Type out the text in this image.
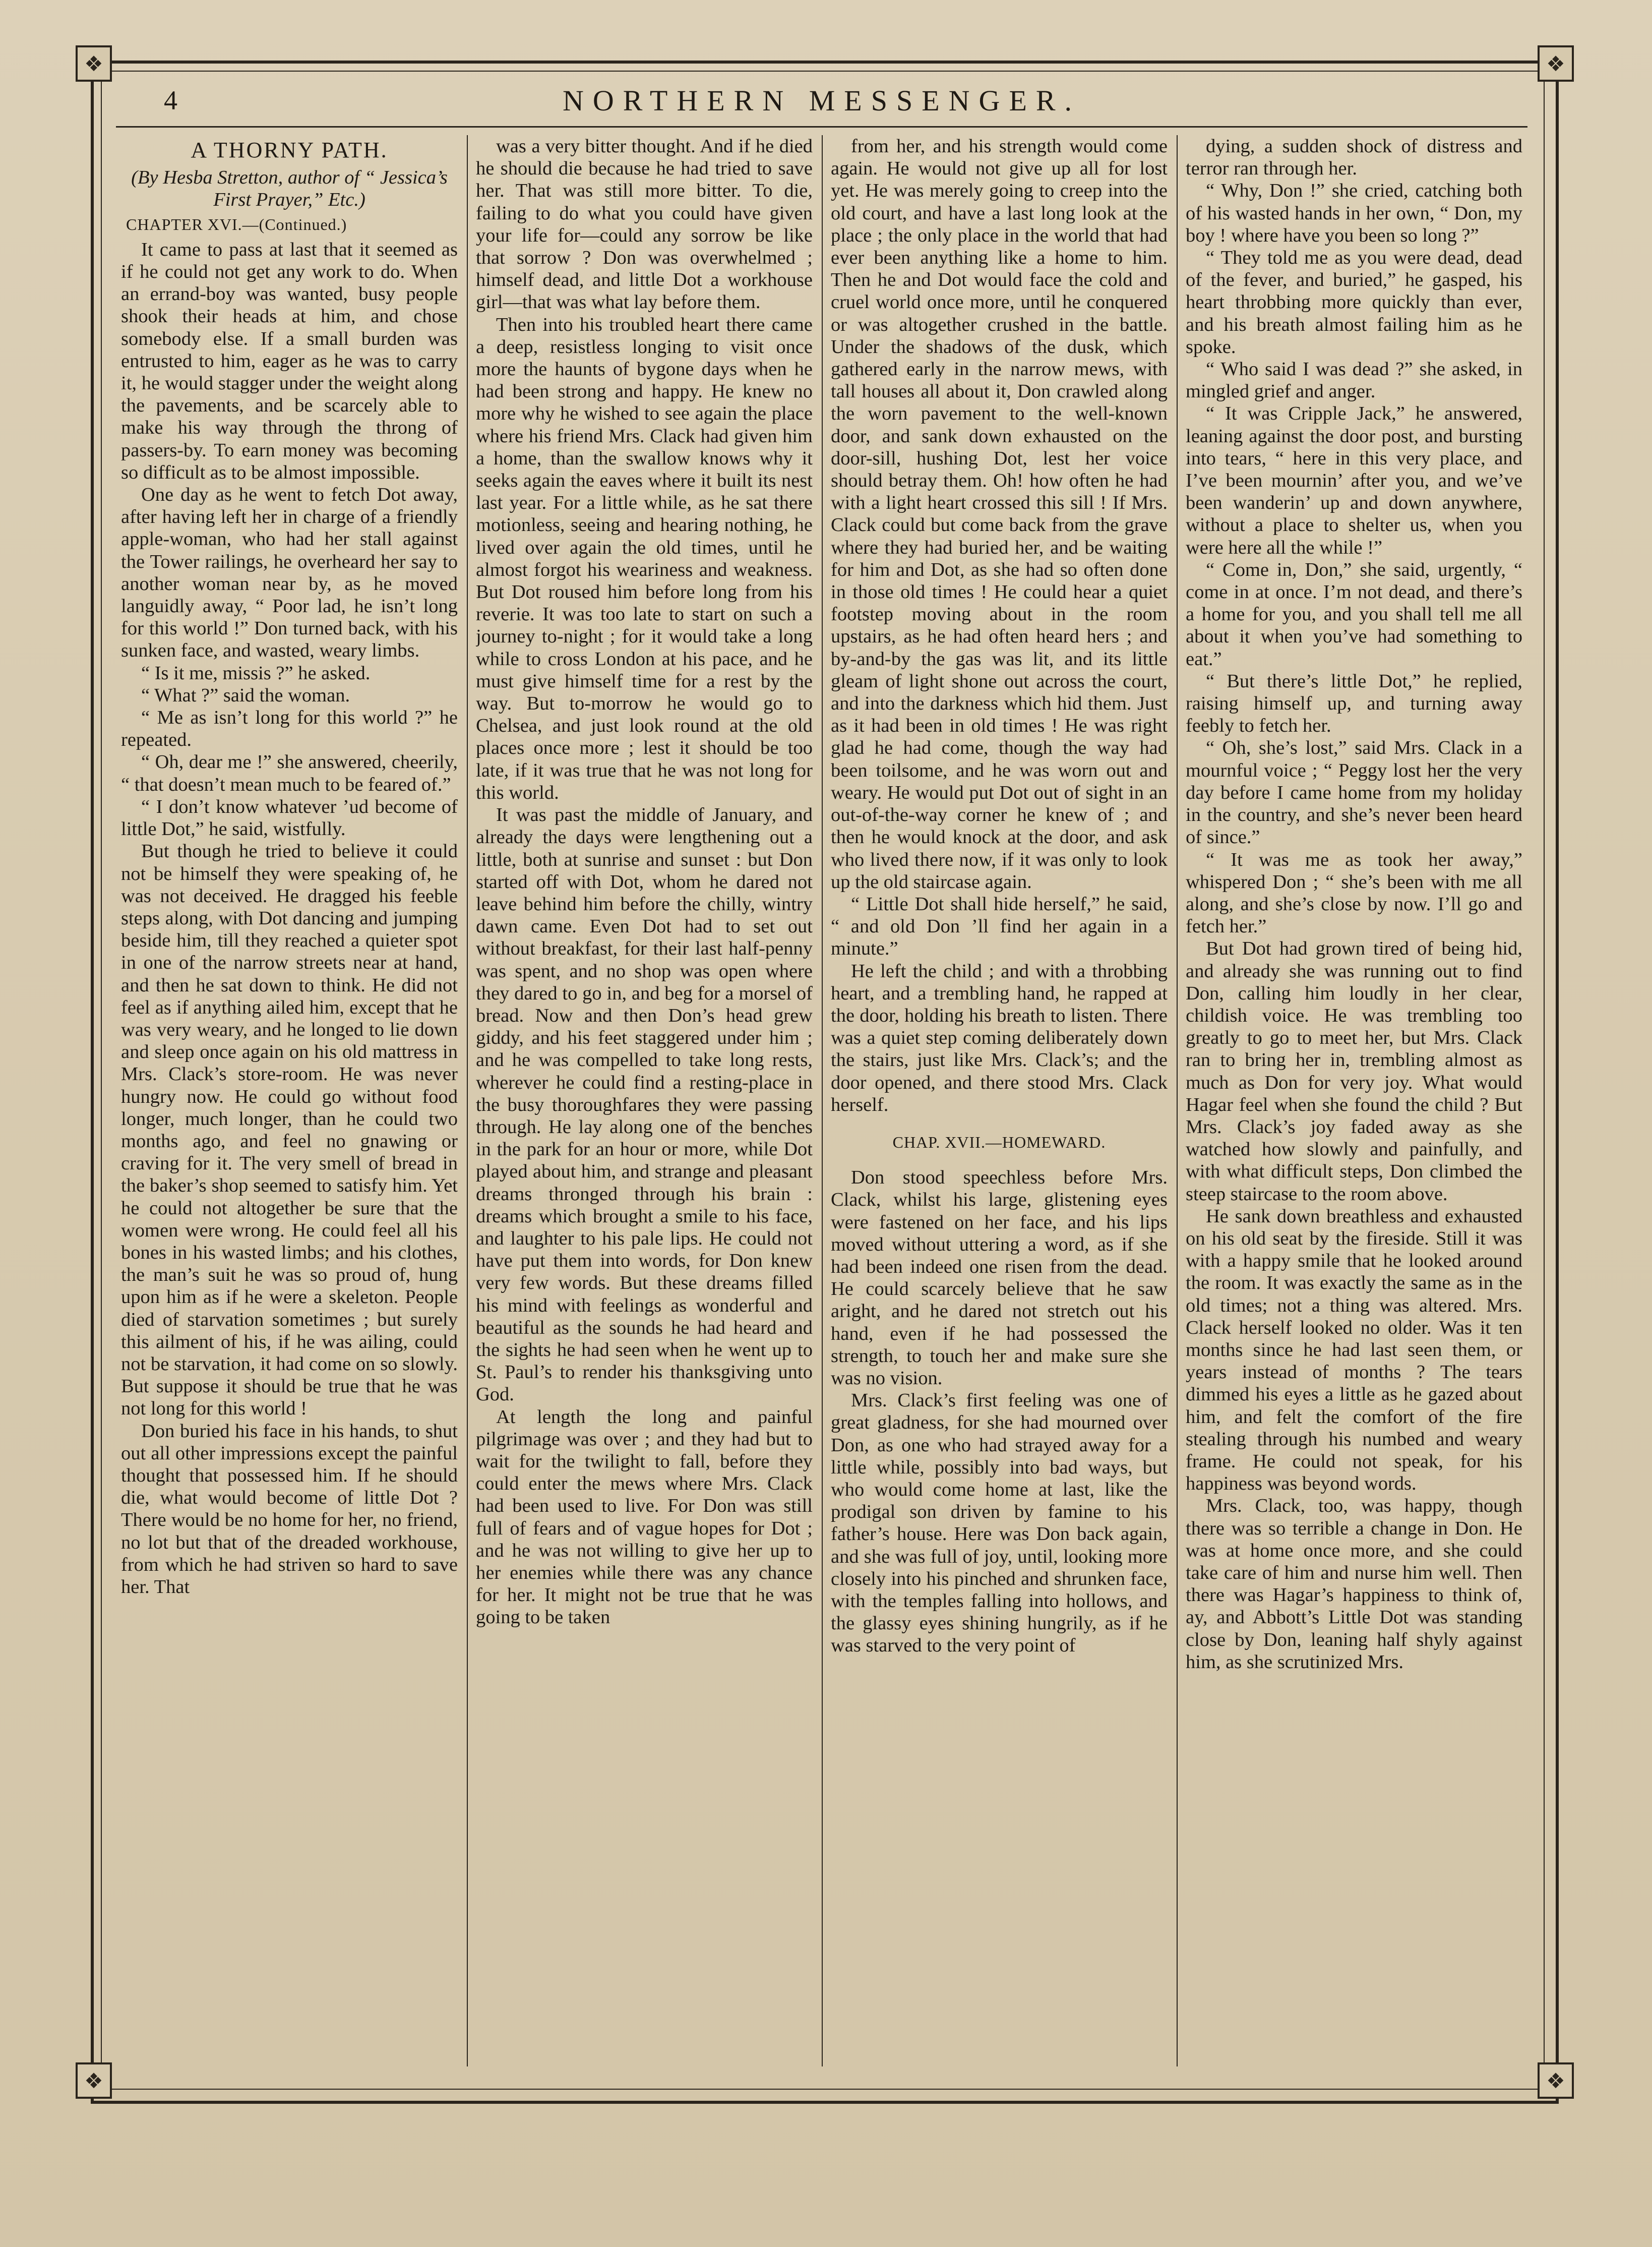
❖	❖
❖	❖
4	NORTHERN MESSENGER.

A THORNY PATH.

(By Hesba Stretton, author of “ Jessica’s First Prayer,” Etc.)

CHAPTER XVI.—(Continued.)

It came to pass at last that it seemed as if he could not get any work to do. When an errand-boy was wanted, busy people shook their heads at him, and chose somebody else. If a small burden was entrusted to him, eager as he was to carry it, he would stagger under the weight along the pavements, and be scarcely able to make his way through the throng of passers-by. To earn money was becoming so difficult as to be almost impossible.

One day as he went to fetch Dot away, after having left her in charge of a friendly apple-woman, who had her stall against the Tower railings, he overheard her say to another woman near by, as he moved languidly away, “ Poor lad, he isn’t long for this world !” Don turned back, with his sunken face, and wasted, weary limbs.

“ Is it me, missis ?” he asked.

“ What ?” said the woman.

“ Me as isn’t long for this world ?” he repeated.

“ Oh, dear me !” she answered, cheerily, “ that doesn’t mean much to be feared of.”

“ I don’t know whatever ’ud become of little Dot,” he said, wistfully.

But though he tried to believe it could not be himself they were speaking of, he was not deceived. He dragged his feeble steps along, with Dot dancing and jumping beside him, till they reached a quieter spot in one of the narrow streets near at hand, and then he sat down to think. He did not feel as if anything ailed him, except that he was very weary, and he longed to lie down and sleep once again on his old mattress in Mrs. Clack’s store-room. He was never hungry now. He could go without food longer, much longer, than he could two months ago, and feel no gnawing or craving for it. The very smell of bread in the baker’s shop seemed to satisfy him. Yet he could not altogether be sure that the women were wrong. He could feel all his bones in his wasted limbs; and his clothes, the man’s suit he was so proud of, hung upon him as if he were a skeleton. People died of starvation sometimes ; but surely this ailment of his, if he was ailing, could not be starvation, it had come on so slowly. But suppose it should be true that he was not long for this world !

Don buried his face in his hands, to shut out all other impressions except the painful thought that possessed him. If he should die, what would become of little Dot ? There would be no home for her, no friend, no lot but that of the dreaded workhouse, from which he had striven so hard to save her. That

was a very bitter thought. And if he died he should die because he had tried to save her. That was still more bitter. To die, failing to do what you could have given your life for—could any sorrow be like that sorrow ? Don was overwhelmed ; himself dead, and little Dot a workhouse girl—that was what lay before them.

Then into his troubled heart there came a deep, resistless longing to visit once more the haunts of bygone days when he had been strong and happy. He knew no more why he wished to see again the place where his friend Mrs. Clack had given him a home, than the swallow knows why it seeks again the eaves where it built its nest last year. For a little while, as he sat there motionless, seeing and hearing nothing, he lived over again the old times, until he almost forgot his weariness and weakness. But Dot roused him before long from his reverie. It was too late to start on such a journey to-night ; for it would take a long while to cross London at his pace, and he must give himself time for a rest by the way. But to-morrow he would go to Chelsea, and just look round at the old places once more ; lest it should be too late, if it was true that he was not long for this world.

It was past the middle of January, and already the days were lengthening out a little, both at sunrise and sunset : but Don started off with Dot, whom he dared not leave behind him before the chilly, wintry dawn came. Even Dot had to set out without breakfast, for their last half-penny was spent, and no shop was open where they dared to go in, and beg for a morsel of bread. Now and then Don’s head grew giddy, and his feet staggered under him ; and he was compelled to take long rests, wherever he could find a resting-place in the busy thoroughfares they were passing through. He lay along one of the benches in the park for an hour or more, while Dot played about him, and strange and pleasant dreams thronged through his brain : dreams which brought a smile to his face, and laughter to his pale lips. He could not have put them into words, for Don knew very few words. But these dreams filled his mind with feelings as wonderful and beautiful as the sounds he had heard and the sights he had seen when he went up to St. Paul’s to render his thanksgiving unto God.

At length the long and painful pilgrimage was over ; and they had but to wait for the twilight to fall, before they could enter the mews where Mrs. Clack had been used to live. For Don was still full of fears and of vague hopes for Dot ; and he was not willing to give her up to her enemies while there was any chance for her. It might not be true that he was going to be taken

from her, and his strength would come again. He would not give up all for lost yet. He was merely going to creep into the old court, and have a last long look at the place ; the only place in the world that had ever been anything like a home to him. Then he and Dot would face the cold and cruel world once more, until he conquered or was altogether crushed in the battle. Under the shadows of the dusk, which gathered early in the narrow mews, with tall houses all about it, Don crawled along the worn pavement to the well-known door, and sank down exhausted on the door-sill, hushing Dot, lest her voice should betray them. Oh! how often he had with a light heart crossed this sill ! If Mrs. Clack could but come back from the grave where they had buried her, and be waiting for him and Dot, as she had so often done in those old times ! He could hear a quiet footstep moving about in the room upstairs, as he had often heard hers ; and by-and-by the gas was lit, and its little gleam of light shone out across the court, and into the darkness which hid them. Just as it had been in old times ! He was right glad he had come, though the way had been toilsome, and he was worn out and weary. He would put Dot out of sight in an out-of-the-way corner he knew of ; and then he would knock at the door, and ask who lived there now, if it was only to look up the old staircase again.

“ Little Dot shall hide herself,” he said, “ and old Don ’ll find her again in a minute.”

He left the child ; and with a throbbing heart, and a trembling hand, he rapped at the door, holding his breath to listen. There was a quiet step coming deliberately down the stairs, just like Mrs. Clack’s; and the door opened, and there stood Mrs. Clack herself.

CHAP. XVII.—HOMEWARD.

Don stood speechless before Mrs. Clack, whilst his large, glistening eyes were fastened on her face, and his lips moved without uttering a word, as if she had been indeed one risen from the dead. He could scarcely believe that he saw aright, and he dared not stretch out his hand, even if he had possessed the strength, to touch her and make sure she was no vision.

Mrs. Clack’s first feeling was one of great gladness, for she had mourned over Don, as one who had strayed away for a little while, possibly into bad ways, but who would come home at last, like the prodigal son driven by famine to his father’s house. Here was Don back again, and she was full of joy, until, looking more closely into his pinched and shrunken face, with the temples falling into hollows, and the glassy eyes shining hungrily, as if he was starved to the very point of

dying, a sudden shock of distress and terror ran through her.

“ Why, Don !” she cried, catching both of his wasted hands in her own, “ Don, my boy ! where have you been so long ?”

“ They told me as you were dead, dead of the fever, and buried,” he gasped, his heart throbbing more quickly than ever, and his breath almost failing him as he spoke.

“ Who said I was dead ?” she asked, in mingled grief and anger.

“ It was Cripple Jack,” he answered, leaning against the door post, and bursting into tears, “ here in this very place, and I’ve been mournin’ after you, and we’ve been wanderin’ up and down anywhere, without a place to shelter us, when you were here all the while !”

“ Come in, Don,” she said, urgently, “ come in at once. I’m not dead, and there’s a home for you, and you shall tell me all about it when you’ve had something to eat.”

“ But there’s little Dot,” he replied, raising himself up, and turning away feebly to fetch her.

“ Oh, she’s lost,” said Mrs. Clack in a mournful voice ; “ Peggy lost her the very day before I came home from my holiday in the country, and she’s never been heard of since.”

“ It was me as took her away,” whispered Don ; “ she’s been with me all along, and she’s close by now. I’ll go and fetch her.”

But Dot had grown tired of being hid, and already she was running out to find Don, calling him loudly in her clear, childish voice. He was trembling too greatly to go to meet her, but Mrs. Clack ran to bring her in, trembling almost as much as Don for very joy. What would Hagar feel when she found the child ? But Mrs. Clack’s joy faded away as she watched how slowly and painfully, and with what difficult steps, Don climbed the steep staircase to the room above.

He sank down breathless and exhausted on his old seat by the fireside. Still it was with a happy smile that he looked around the room. It was exactly the same as in the old times; not a thing was altered. Mrs. Clack herself looked no older. Was it ten months since he had last seen them, or years instead of months ? The tears dimmed his eyes a little as he gazed about him, and felt the comfort of the fire stealing through his numbed and weary frame. He could not speak, for his happiness was beyond words.

Mrs. Clack, too, was happy, though there was so terrible a change in Don. He was at home once more, and she could take care of him and nurse him well. Then there was Hagar’s happiness to think of, ay, and Abbott’s Little Dot was standing close by Don, leaning half shyly against him, as she scrutinized Mrs.
